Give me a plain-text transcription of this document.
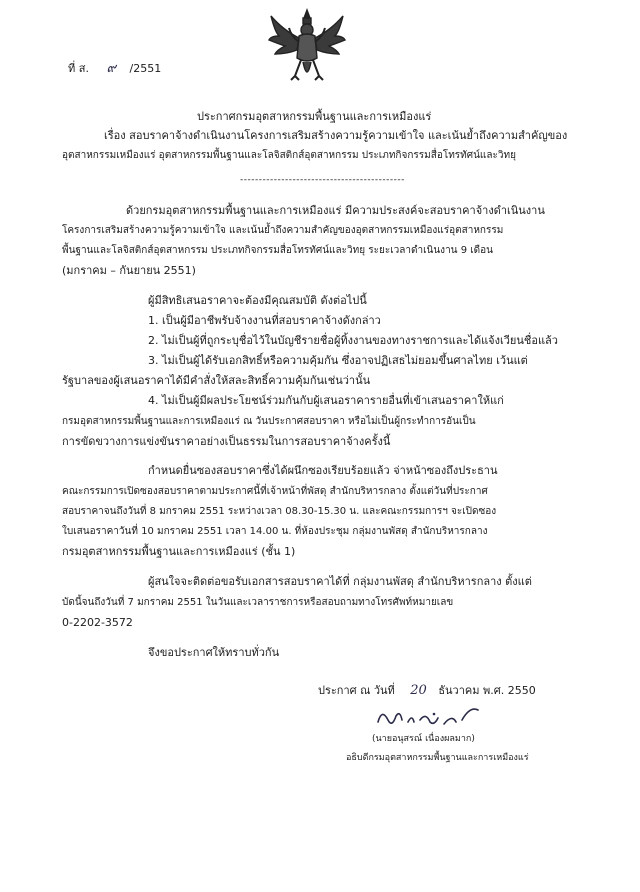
ที่ ส. ๙ /2551

ประกาศกรมอุตสาหกรรมพื้นฐานและการเหมืองแร่

เรื่อง สอบราคาจ้างดำเนินงานโครงการเสริมสร้างความรู้ความเข้าใจ และเน้นย้ำถึงความสำคัญของ

อุตสาหกรรมเหมืองแร่ อุตสาหกรรมพื้นฐานและโลจิสติกส์อุตสาหกรรม ประเภทกิจกรรมสื่อโทรทัศน์และวิทยุ

--------------------------------------------

ด้วยกรมอุตสาหกรรมพื้นฐานและการเหมืองแร่ มีความประสงค์จะสอบราคาจ้างดำเนินงาน

โครงการเสริมสร้างความรู้ความเข้าใจ และเน้นย้ำถึงความสำคัญของอุตสาหกรรมเหมืองแร่อุตสาหกรรม

พื้นฐานและโลจิสติกส์อุตสาหกรรม ประเภทกิจกรรมสื่อโทรทัศน์และวิทยุ ระยะเวลาดำเนินงาน 9 เดือน

(มกราคม – กันยายน 2551)

ผู้มีสิทธิเสนอราคาจะต้องมีคุณสมบัติ ดังต่อไปนี้

1. เป็นผู้มีอาชีพรับจ้างงานที่สอบราคาจ้างดังกล่าว

2. ไม่เป็นผู้ที่ถูกระบุชื่อไว้ในบัญชีรายชื่อผู้ทิ้งงานของทางราชการและได้แจ้งเวียนชื่อแล้ว

3. ไม่เป็นผู้ได้รับเอกสิทธิ์หรือความคุ้มกัน ซึ่งอาจปฏิเสธไม่ยอมขึ้นศาลไทย เว้นแต่

รัฐบาลของผู้เสนอราคาได้มีคำสั่งให้สละสิทธิ์ความคุ้มกันเช่นว่านั้น

4. ไม่เป็นผู้มีผลประโยชน์ร่วมกันกับผู้เสนอราคารายอื่นที่เข้าเสนอราคาให้แก่

กรมอุตสาหกรรมพื้นฐานและการเหมืองแร่ ณ วันประกาศสอบราคา หรือไม่เป็นผู้กระทำการอันเป็น

การขัดขวางการแข่งขันราคาอย่างเป็นธรรมในการสอบราคาจ้างครั้งนี้

กำหนดยื่นซองสอบราคาซึ่งได้ผนึกซองเรียบร้อยแล้ว จ่าหน้าซองถึงประธาน

คณะกรรมการเปิดซองสอบราคาตามประกาศนี้ที่เจ้าหน้าที่พัสดุ สำนักบริหารกลาง ตั้งแต่วันที่ประกาศ

สอบราคาจนถึงวันที่ 8 มกราคม 2551 ระหว่างเวลา 08.30-15.30 น. และคณะกรรมการฯ จะเปิดซอง

ใบเสนอราคาวันที่ 10 มกราคม 2551 เวลา 14.00 น. ที่ห้องประชุม กลุ่มงานพัสดุ สำนักบริหารกลาง

กรมอุตสาหกรรมพื้นฐานและการเหมืองแร่ (ชั้น 1)

ผู้สนใจจะติดต่อขอรับเอกสารสอบราคาได้ที่ กลุ่มงานพัสดุ สำนักบริหารกลาง ตั้งแต่

บัดนี้จนถึงวันที่ 7 มกราคม 2551 ในวันและเวลาราชการหรือสอบถามทางโทรศัพท์หมายเลข

0-2202-3572

จึงขอประกาศให้ทราบทั่วกัน

ประกาศ ณ วันที่ 20 ธันวาคม พ.ศ. 2550

(นายอนุสรณ์ เนื่องผลมาก)

อธิบดีกรมอุตสาหกรรมพื้นฐานและการเหมืองแร่
